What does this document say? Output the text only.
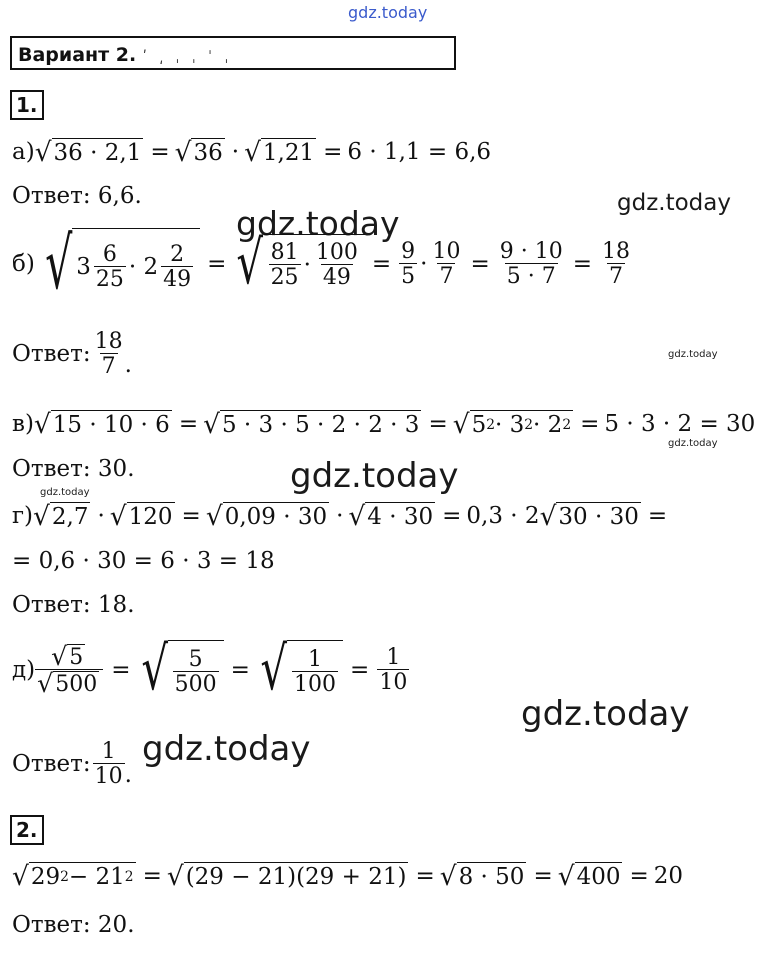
gdz.today
gdz.today
gdz.today
gdz.today
gdz.today
gdz.today
gdz.today
gdz.today
gdz.today
Вариант 2. ʹ ͵ ˌ ˌ ˈ ˌ
1.
а) √ 36 · 2,1 = √ 36 · √ 1,21 = 6 · 1,1 = 6,6
Ответ: 6,6.
б) √ $3 \frac{6}{25} \cdot 2 \frac{2}{49}$ = √ $\frac{81}{25} \cdot \frac{100}{49} = \frac{9}{5} \cdot \frac{10}{7} = \frac{9 \cdot 10}{5 \cdot 7} = \frac{18}{7}$
Ответ: $\frac{18}{7}$ .
в) √ 15 · 10 · 6 = √ 5 · 3 · 5 · 2 · 2 · 3 = √ 5 2 · 3 2 · 2 2 = 5 · 3 · 2 = 30
Ответ: 30.
г) √ 2,7 · √ 120 = √ 0,09 · 30 · √ 4 · 30 = 0,3 · 2 √ 30 · 30 =
= 0,6 · 30 = 6 · 3 = 18
Ответ: 18.
$д) \frac{√ 5}{√ 500}$ = √ $\frac{5}{500}$ = √ $\frac{1}{100} = \frac{1}{10}$
Ответ: $\frac{1}{10}$ .
2.
√ 29 2 − 21 2 = √ (29 − 21)(29 + 21) = √ 8 · 50 = √ 400 = 20
Ответ: 20.
